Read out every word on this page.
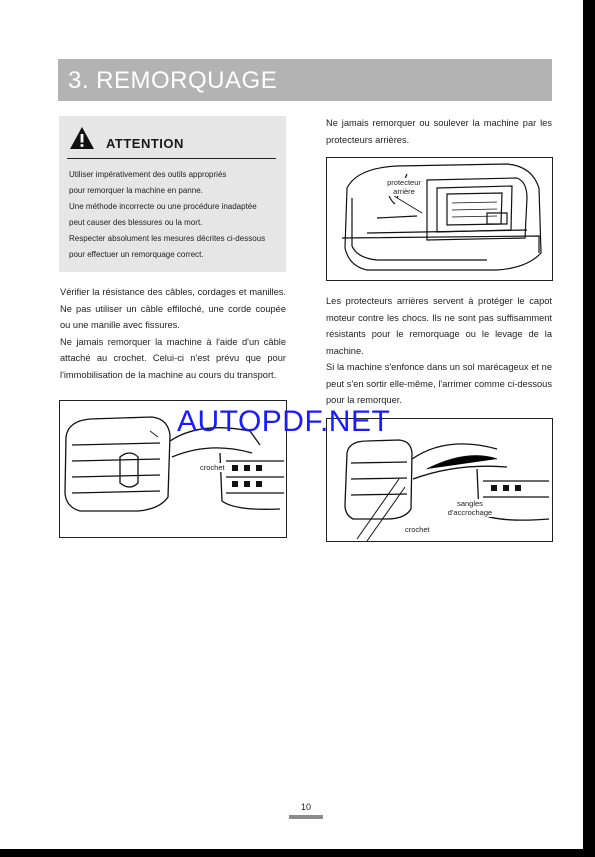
3. REMORQUAGE
ATTENTION
Utiliser impérativement des outils appropriés
pour remorquer la machine en panne.
Une méthode incorrecte ou une procédure inadaptée
peut causer des blessures ou la mort.
Respecter absolument les mesures décrites ci-dessous
pour effectuer un remorquage correct.

Vérifier la résistance des câbles, cordages et manilles. Ne pas utiliser un câble effiloché, une corde coupée ou une manille avec fissures.

Ne jamais remorquer la machine à l'aide d'un câble attaché au crochet. Celui-ci n'est prévu que pour l'immobilisation de la machine au cours du transport.

Ne jamais remorquer ou soulever la machine par les protecteurs arrières.

protecteur
arrière

Les protecteurs arrières servent à protéger le capot moteur contre les chocs. Ils ne sont pas suffisamment résistants pour le remorquage ou le levage de la machine.

Si la machine s'enfonce dans un sol marécageux et ne peut s'en sortir elle-même, l'arrimer comme ci-dessous pour la remorquer.

crochet
sangles
d'accrochage
crochet
AUTOPDF.NET
10
